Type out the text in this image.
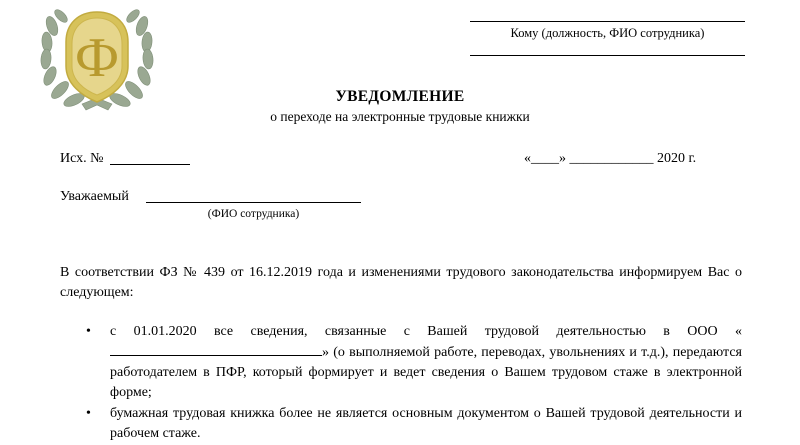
Ф	Кому (должность, ФИО сотрудника)
УВЕДОМЛЕНИЕ
о переходе на электронные трудовые книжки
Исх. №	«____» ____________ 2020 г.
Уважаемый
(ФИО сотрудника)
В соответствии ФЗ № 439 от 16.12.2019 года и изменениями трудового законодательства информируем Вас о следующем:
• с 01.01.2020 все сведения, связанные с Вашей трудовой деятельностью в ООО «» (о выполняемой работе, переводах, увольнениях и т.д.), передаются работодателем в ПФР, который формирует и ведет сведения о Вашем трудовом стаже в электронной форме;
• бумажная трудовая книжка более не является основным документом о Вашей трудовой деятельности и рабочем стаже.
